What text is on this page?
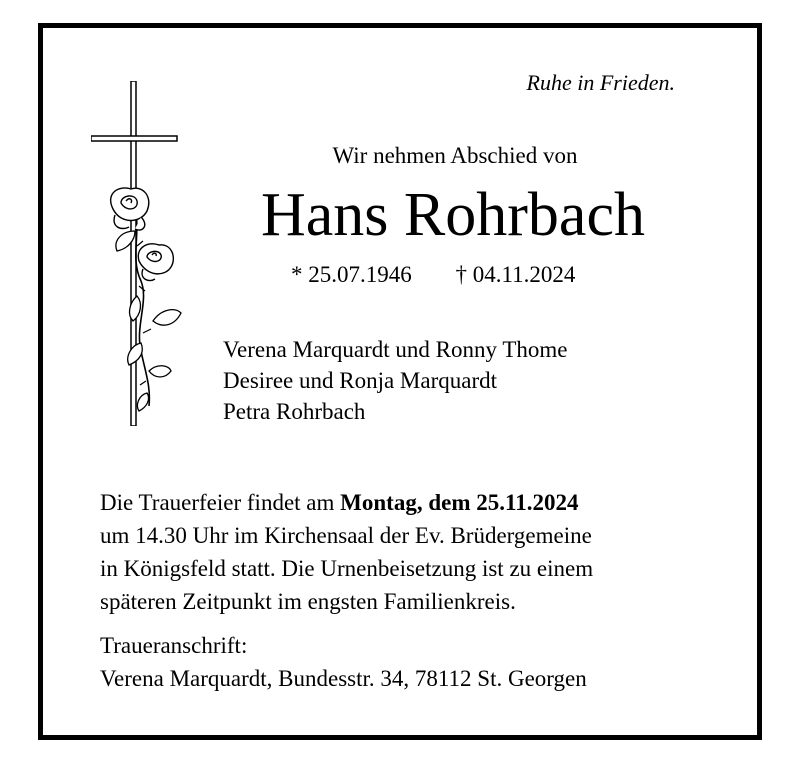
Ruhe in Frieden.
Wir nehmen Abschied von
Hans Rohrbach
* 25.07.1946 † 04.11.2024
Verena Marquardt und Ronny Thome
Desiree und Ronja Marquardt
Petra Rohrbach
Die Trauerfeier findet am Montag, dem 25.11.2024
um 14.30 Uhr im Kirchensaal der Ev. Brüdergemeine
in Königsfeld statt. Die Urnenbeisetzung ist zu einem
späteren Zeitpunkt im engsten Familienkreis.
Traueranschrift:
Verena Marquardt, Bundesstr. 34, 78112 St. Georgen
